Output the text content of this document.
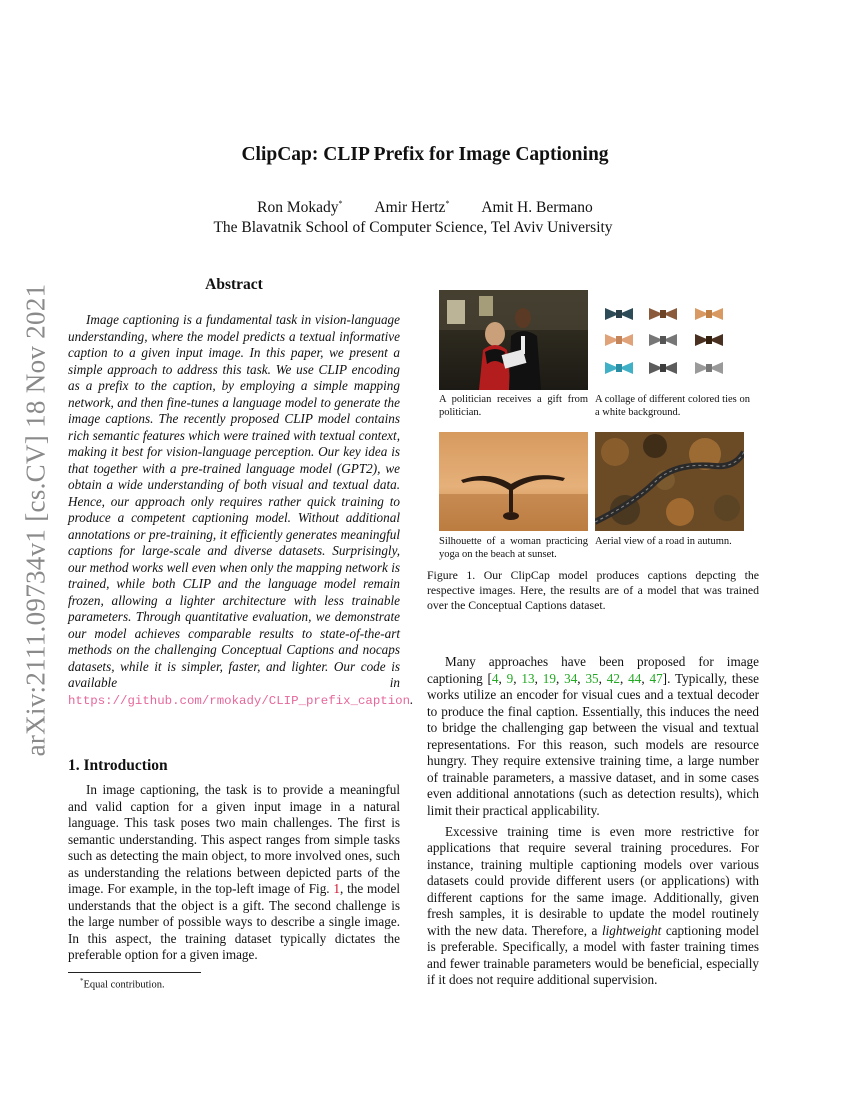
arXiv:2111.09734v1 [cs.CV] 18 Nov 2021
ClipCap: CLIP Prefix for Image Captioning
Ron Mokady* Amir Hertz* Amit H. Bermano
The Blavatnik School of Computer Science, Tel Aviv University
Abstract

Image captioning is a fundamental task in vision-language understanding, where the model predicts a textual informative caption to a given input image. In this paper, we present a simple approach to address this task. We use CLIP encoding as a prefix to the caption, by employing a simple mapping network, and then fine-tunes a language model to generate the image captions. The recently proposed CLIP model contains rich semantic features which were trained with textual context, making it best for vision-language perception. Our key idea is that together with a pre-trained language model (GPT2), we obtain a wide understanding of both visual and textual data. Hence, our approach only requires rather quick training to produce a competent captioning model. Without additional annotations or pre-training, it efficiently generates meaningful captions for large-scale and diverse datasets. Surprisingly, our method works well even when only the mapping network is trained, while both CLIP and the language model remain frozen, allowing a lighter architecture with less trainable parameters. Through quantitative evaluation, we demonstrate our model achieves comparable results to state-of-the-art methods on the challenging Conceptual Captions and nocaps datasets, while it is simpler, faster, and lighter. Our code is available in https://github.com/rmokady/CLIP_prefix_caption.

1. Introduction

In image captioning, the task is to provide a meaningful and valid caption for a given input image in a natural language. This task poses two main challenges. The first is semantic understanding. This aspect ranges from simple tasks such as detecting the main object, to more involved ones, such as understanding the relations between depicted parts of the image. For example, in the top-left image of Fig. 1, the model understands that the object is a gift. The second challenge is the large number of possible ways to describe a single image. In this aspect, the training dataset typically dictates the preferable option for a given image.

*Equal contribution.
A politician receives a gift from politician.
A collage of different colored ties on a white background.
Silhouette of a woman practicing yoga on the beach at sunset.
Aerial view of a road in autumn.
Figure 1. Our ClipCap model produces captions depcting the respective images. Here, the results are of a model that was trained over the Conceptual Captions dataset.

Many approaches have been proposed for image captioning [4, 9, 13, 19, 34, 35, 42, 44, 47]. Typically, these works utilize an encoder for visual cues and a textual decoder to produce the final caption. Essentially, this induces the need to bridge the challenging gap between the visual and textual representations. For this reason, such models are resource hungry. They require extensive training time, a large number of trainable parameters, a massive dataset, and in some cases even additional annotations (such as detection results), which limit their practical applicability.

Excessive training time is even more restrictive for applications that require several training procedures. For instance, training multiple captioning models over various datasets could provide different users (or applications) with different captions for the same image. Additionally, given fresh samples, it is desirable to update the model routinely with the new data. Therefore, a lightweight captioning model is preferable. Specifically, a model with faster training times and fewer trainable parameters would be beneficial, especially if it does not require additional supervision.
